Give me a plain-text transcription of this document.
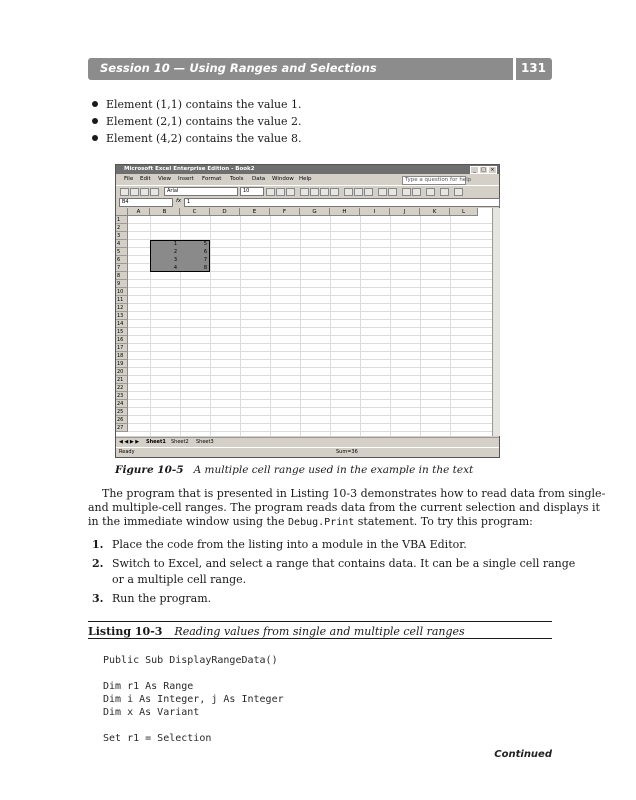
Session 10 — Using Ranges and Selections	131
Element (1,1) contains the value 1.
Element (2,1) contains the value 2.
Element (4,2) contains the value 8.
Microsoft Excel Enterprise Edition - Book2	_	□ ×
File Edit View Insert Format Tools Data Window Help	Type a question for help
Arial	10
B4	fx	1
A	B	C	D	E	F	G	H	I	J	K	L
1
2
3
4
5
6
7
8
9
10
11
12
13
14
15
16
17
18
19
20
21
22
23
24
25
26
27
1	5
2	6
3	7
4	8
◀ ◀ ▶ ▶ Sheet1 Sheet2 Sheet3
Ready	Sum=36
Figure 10-5 A multiple cell range used in the example in the text
The program that is presented in Listing 10-3 demonstrates how to read data from single-
and multiple-cell ranges. The program reads data from the current selection and displays it
in the immediate window using the Debug.Print statement. To try this program:
1. Place the code from the listing into a module in the VBA Editor.
2. Switch to Excel, and select a range that contains data. It can be a single cell range
or a multiple cell range.
3. Run the program.
Listing 10-3 Reading values from single and multiple cell ranges
Public Sub DisplayRangeData()
Dim r1 As Range
Dim i As Integer, j As Integer
Dim x As Variant
Set r1 = Selection
Continued
